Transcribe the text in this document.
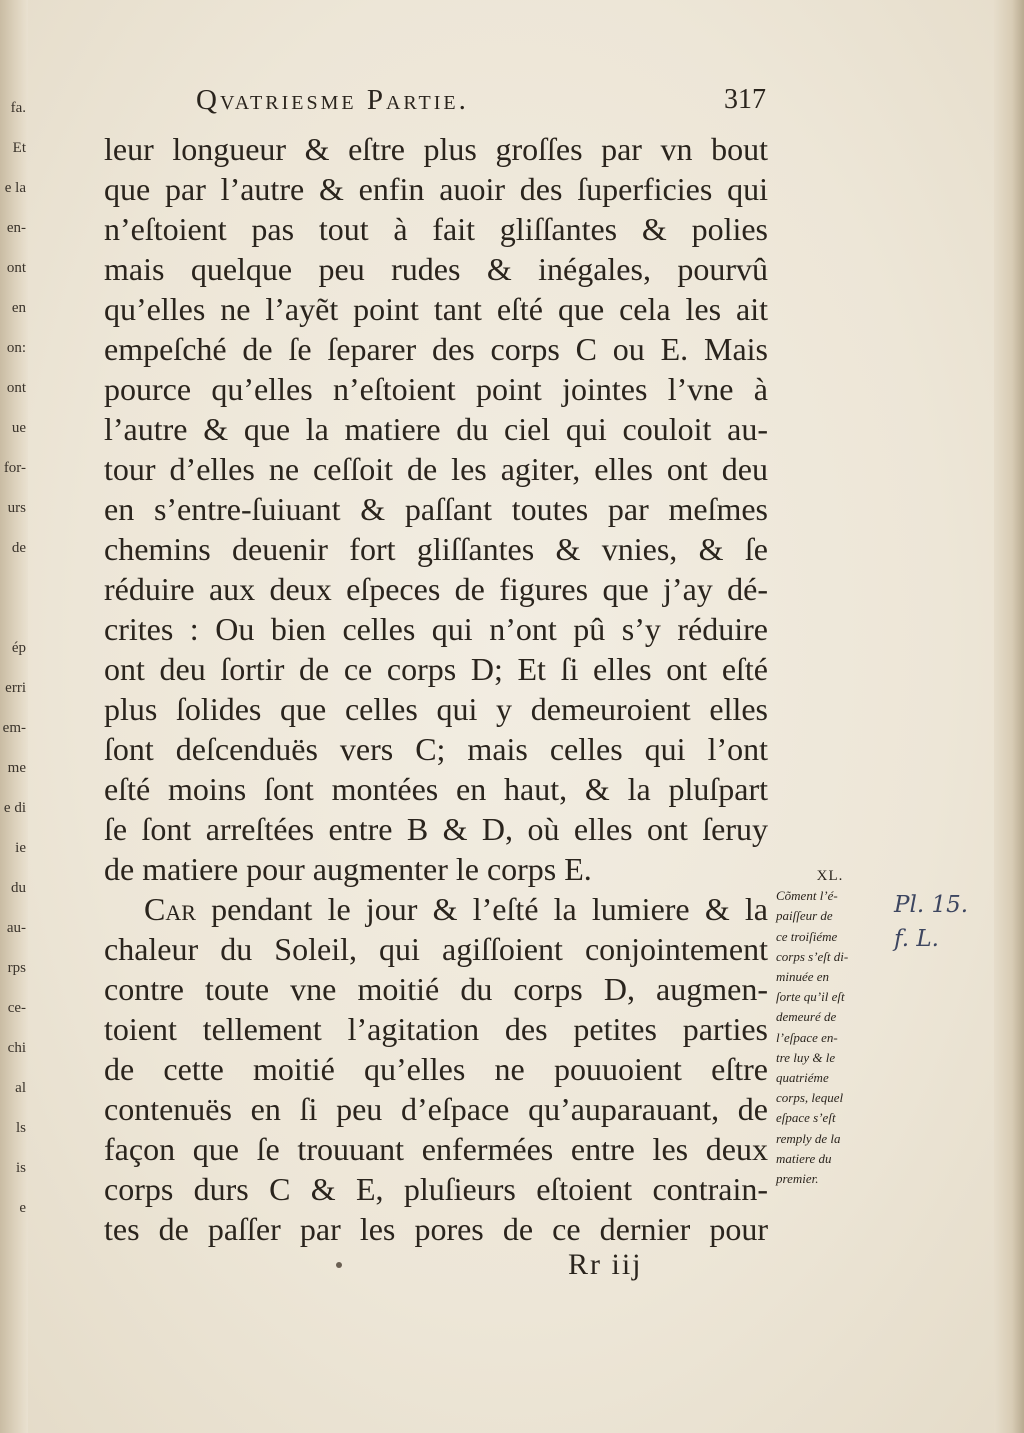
fa.
Et
e la
en-
ont
en
on:
ont
ue
for-
urs
de
ép
erri
em-
me
e di
ie
du
au-
rps
ce-
chi
al
ls
is
e
Qvatriesme Partie.	317
leur longueur & eſtre plus groſſes par vn bout
que par l’autre & enfin auoir des ſuperficies qui
n’eſtoient pas tout à fait gliſſantes & polies
mais quelque peu rudes & inégales, pourvû
qu’elles ne l’ayẽt point tant eſté que cela les ait
empeſché de ſe ſeparer des corps C ou E. Mais
pource qu’elles n’eſtoient point jointes l’vne à
l’autre & que la matiere du ciel qui couloit au-
tour d’elles ne ceſſoit de les agiter, elles ont deu
en s’entre-ſuiuant & paſſant toutes par meſmes
chemins deuenir fort gliſſantes & vnies, & ſe
réduire aux deux eſpeces de figures que j’ay dé-
crites : Ou bien celles qui n’ont pû s’y réduire
ont deu ſortir de ce corps D; Et ſi elles ont eſté
plus ſolides que celles qui y demeuroient elles
ſont deſcenduës vers C; mais celles qui l’ont
eſté moins ſont montées en haut, & la pluſpart
ſe ſont arreſtées entre B & D, où elles ont ſeruy
de matiere pour augmenter le corps E.
Car pendant le jour & l’eſté la lumiere & la
chaleur du Soleil, qui agiſſoient conjointement
contre toute vne moitié du corps D, augmen-
toient tellement l’agitation des petites parties
de cette moitié qu’elles ne pouuoient eſtre
contenuës en ſi peu d’eſpace qu’auparauant, de
façon que ſe trouuant enfermées entre les deux
corps durs C & E, pluſieurs eſtoient contrain-
tes de paſſer par les pores de ce dernier pour
XL.
Cõment l’é-
paiſſeur de
ce troiſiéme
corps s’eſt di-
minuée en
ſorte qu’il eſt
demeuré de
l’eſpace en-
tre luy & le
quatriéme
corps, lequel
eſpace s’eſt
remply de la
matiere du
premier.
Pl. 15.
f. L.
Rr iij
